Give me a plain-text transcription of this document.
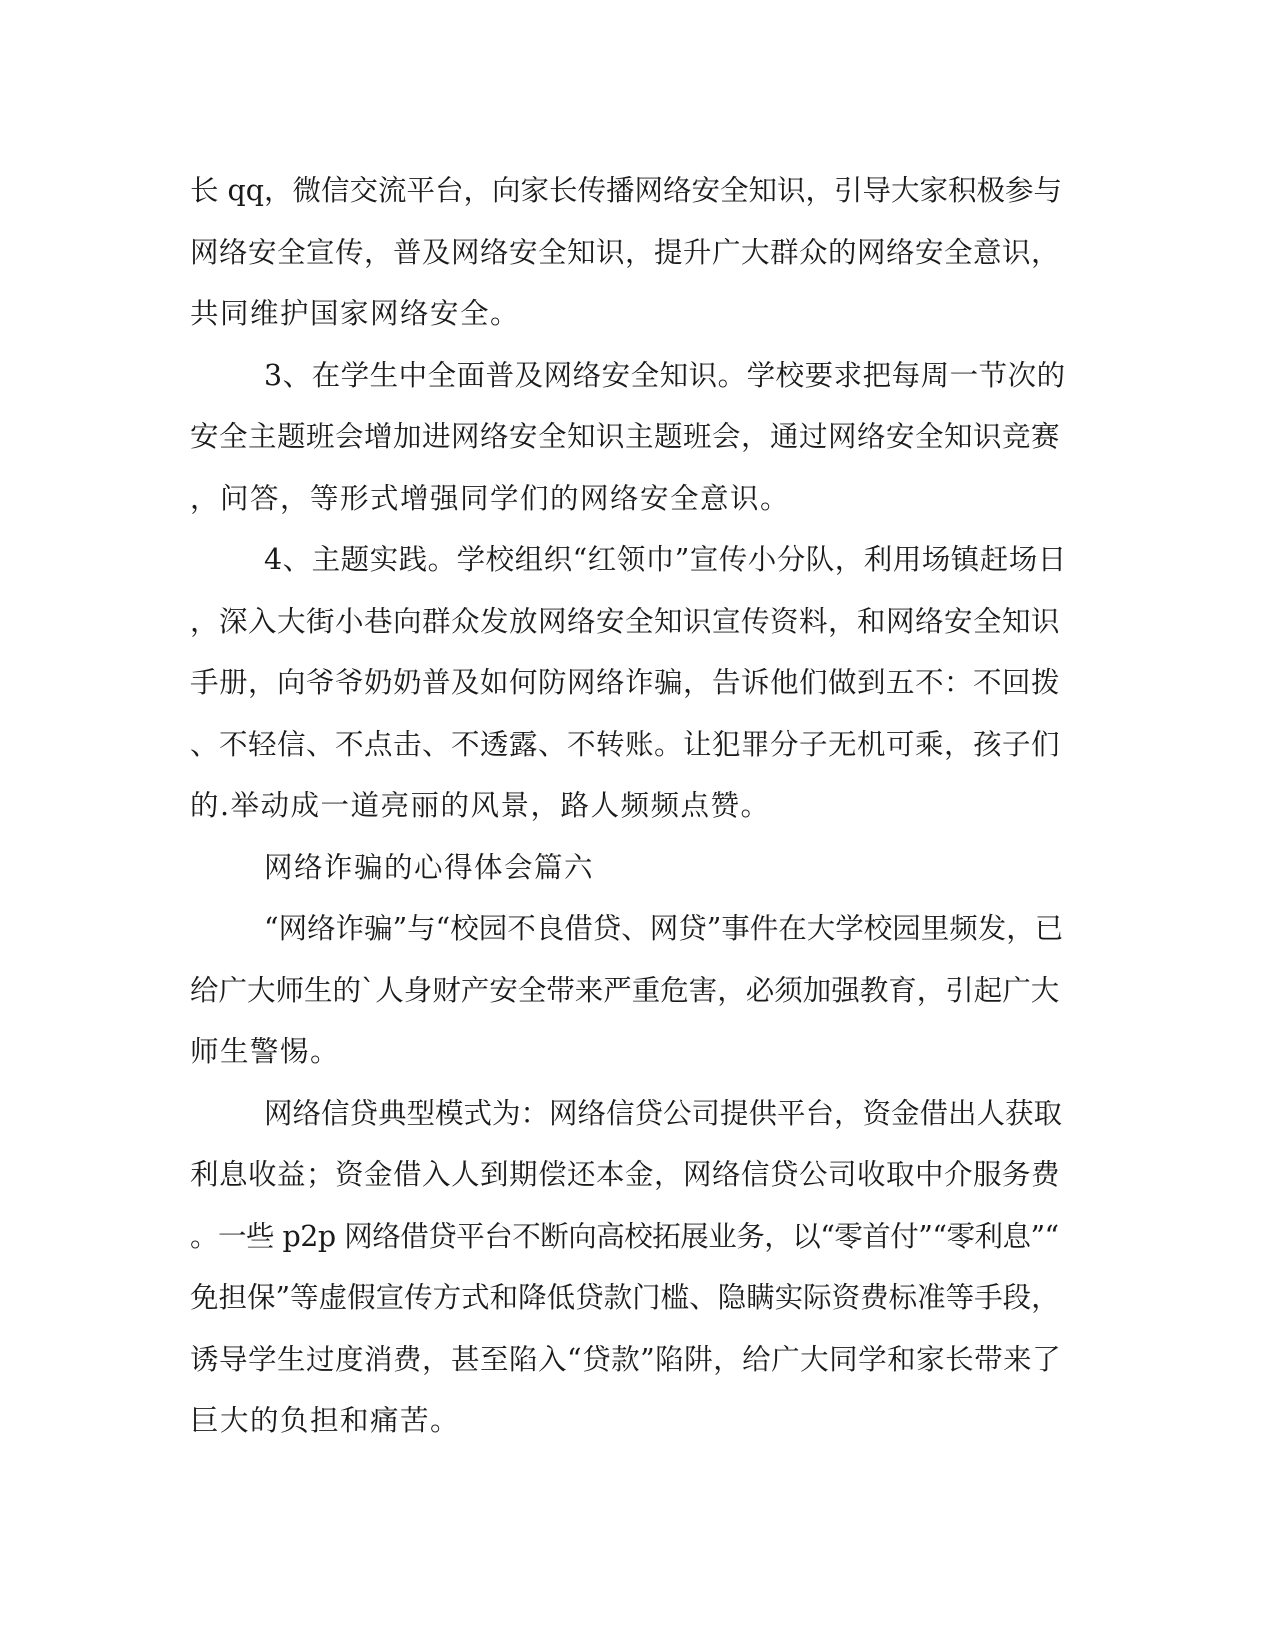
长 qq，微信交流平台，向家长传播网络安全知识，引导大家积极参与
网络安全宣传，普及网络安全知识，提升广大群众的网络安全意识，
共同维护国家网络安全。
3、在学生中全面普及网络安全知识。学校要求把每周一节次的
安全主题班会增加进网络安全知识主题班会，通过网络安全知识竞赛
，问答，等形式增强同学们的网络安全意识。
4、主题实践。学校组织“红领巾”宣传小分队，利用场镇赶场日
，深入大街小巷向群众发放网络安全知识宣传资料，和网络安全知识
手册，向爷爷奶奶普及如何防网络诈骗，告诉他们做到五不：不回拨
、不轻信、不点击、不透露、不转账。让犯罪分子无机可乘，孩子们
的.举动成一道亮丽的风景，路人频频点赞。
网络诈骗的心得体会篇六
“网络诈骗”与“校园不良借贷、网贷”事件在大学校园里频发，已
给广大师生的`人身财产安全带来严重危害，必须加强教育，引起广大
师生警惕。
网络信贷典型模式为：网络信贷公司提供平台，资金借出人获取
利息收益；资金借入人到期偿还本金，网络信贷公司收取中介服务费
。一些 p2p 网络借贷平台不断向高校拓展业务，以“零首付”“零利息”“
免担保”等虚假宣传方式和降低贷款门槛、隐瞒实际资费标准等手段，
诱导学生过度消费，甚至陷入“贷款”陷阱，给广大同学和家长带来了
巨大的负担和痛苦。
